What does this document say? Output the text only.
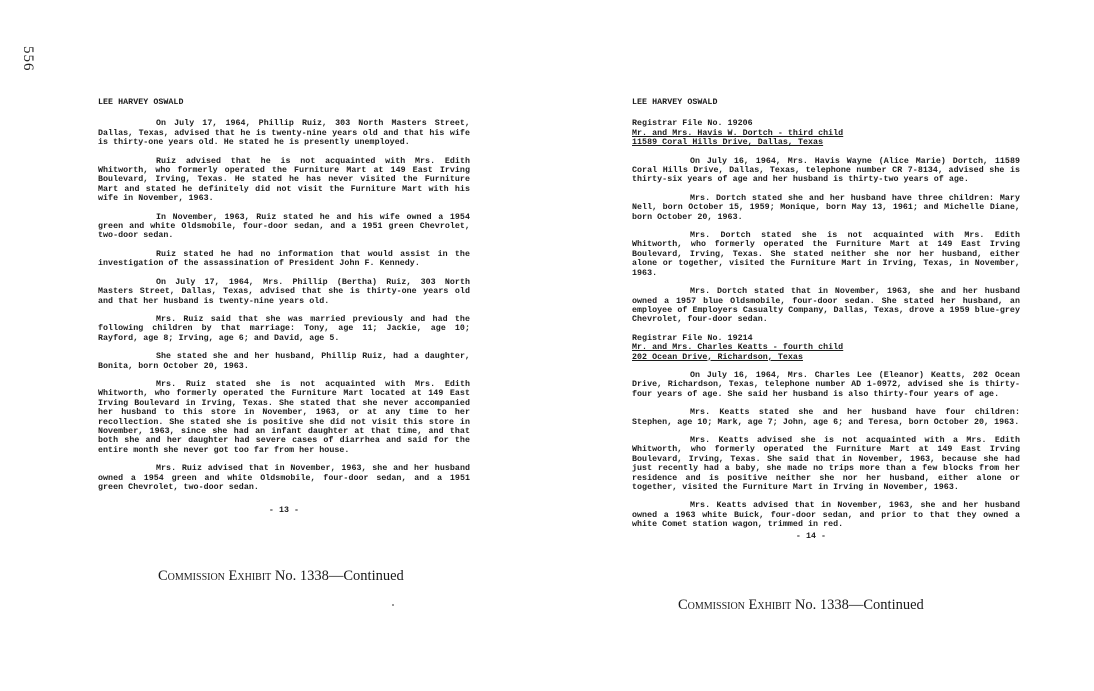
556
LEE HARVEY OSWALD
On July 17, 1964, Phillip Ruiz, 303 North Masters Street, Dallas, Texas, advised that he is twenty-nine years old and that his wife is thirty-one years old. He stated he is presently unemployed.
Ruiz advised that he is not acquainted with Mrs. Edith Whitworth, who formerly operated the Furniture Mart at 149 East Irving Boulevard, Irving, Texas. He stated he has never visited the Furniture Mart and stated he definitely did not visit the Furniture Mart with his wife in November, 1963.
In November, 1963, Ruiz stated he and his wife owned a 1954 green and white Oldsmobile, four-door sedan, and a 1951 green Chevrolet, two-door sedan.
Ruiz stated he had no information that would assist in the investigation of the assassination of President John F. Kennedy.
On July 17, 1964, Mrs. Phillip (Bertha) Ruiz, 303 North Masters Street, Dallas, Texas, advised that she is thirty-one years old and that her husband is twenty-nine years old.
Mrs. Ruiz said that she was married previously and had the following children by that marriage: Tony, age 11; Jackie, age 10; Rayford, age 8; Irving, age 6; and David, age 5.
She stated she and her husband, Phillip Ruiz, had a daughter, Bonita, born October 20, 1963.
Mrs. Ruiz stated she is not acquainted with Mrs. Edith Whitworth, who formerly operated the Furniture Mart located at 149 East Irving Boulevard in Irving, Texas. She stated that she never accompanied her husband to this store in November, 1963, or at any time to her recollection. She stated she is positive she did not visit this store in November, 1963, since she had an infant daughter at that time, and that both she and her daughter had severe cases of diarrhea and said for the entire month she never got too far from her house.
Mrs. Ruiz advised that in November, 1963, she and her husband owned a 1954 green and white Oldsmobile, four-door sedan, and a 1951 green Chevrolet, two-door sedan.
- 13 -
Commission Exhibit No. 1338—Continued
LEE HARVEY OSWALD
Registrar File No. 19206
Mr. and Mrs. Havis W. Dortch - third child
11589 Coral Hills Drive, Dallas, Texas
On July 16, 1964, Mrs. Havis Wayne (Alice Marie) Dortch, 11589 Coral Hills Drive, Dallas, Texas, telephone number CR 7-8134, advised she is thirty-six years of age and her husband is thirty-two years of age.
Mrs. Dortch stated she and her husband have three children: Mary Nell, born October 15, 1959; Monique, born May 13, 1961; and Michelle Diane, born October 20, 1963.
Mrs. Dortch stated she is not acquainted with Mrs. Edith Whitworth, who formerly operated the Furniture Mart at 149 East Irving Boulevard, Irving, Texas. She stated neither she nor her husband, either alone or together, visited the Furniture Mart in Irving, Texas, in November, 1963.
Mrs. Dortch stated that in November, 1963, she and her husband owned a 1957 blue Oldsmobile, four-door sedan. She stated her husband, an employee of Employers Casualty Company, Dallas, Texas, drove a 1959 blue-grey Chevrolet, four-door sedan.
Registrar File No. 19214
Mr. and Mrs. Charles Keatts - fourth child
202 Ocean Drive, Richardson, Texas
On July 16, 1964, Mrs. Charles Lee (Eleanor) Keatts, 202 Ocean Drive, Richardson, Texas, telephone number AD 1-0972, advised she is thirty-four years of age. She said her husband is also thirty-four years of age.
Mrs. Keatts stated she and her husband have four children: Stephen, age 10; Mark, age 7; John, age 6; and Teresa, born October 20, 1963.
Mrs. Keatts advised she is not acquainted with a Mrs. Edith Whitworth, who formerly operated the Furniture Mart at 149 East Irving Boulevard, Irving, Texas. She said that in November, 1963, because she had just recently had a baby, she made no trips more than a few blocks from her residence and is positive neither she nor her husband, either alone or together, visited the Furniture Mart in Irving in November, 1963.
Mrs. Keatts advised that in November, 1963, she and her husband owned a 1963 white Buick, four-door sedan, and prior to that they owned a white Comet station wagon, trimmed in red.
- 14 -
Commission Exhibit No. 1338—Continued
